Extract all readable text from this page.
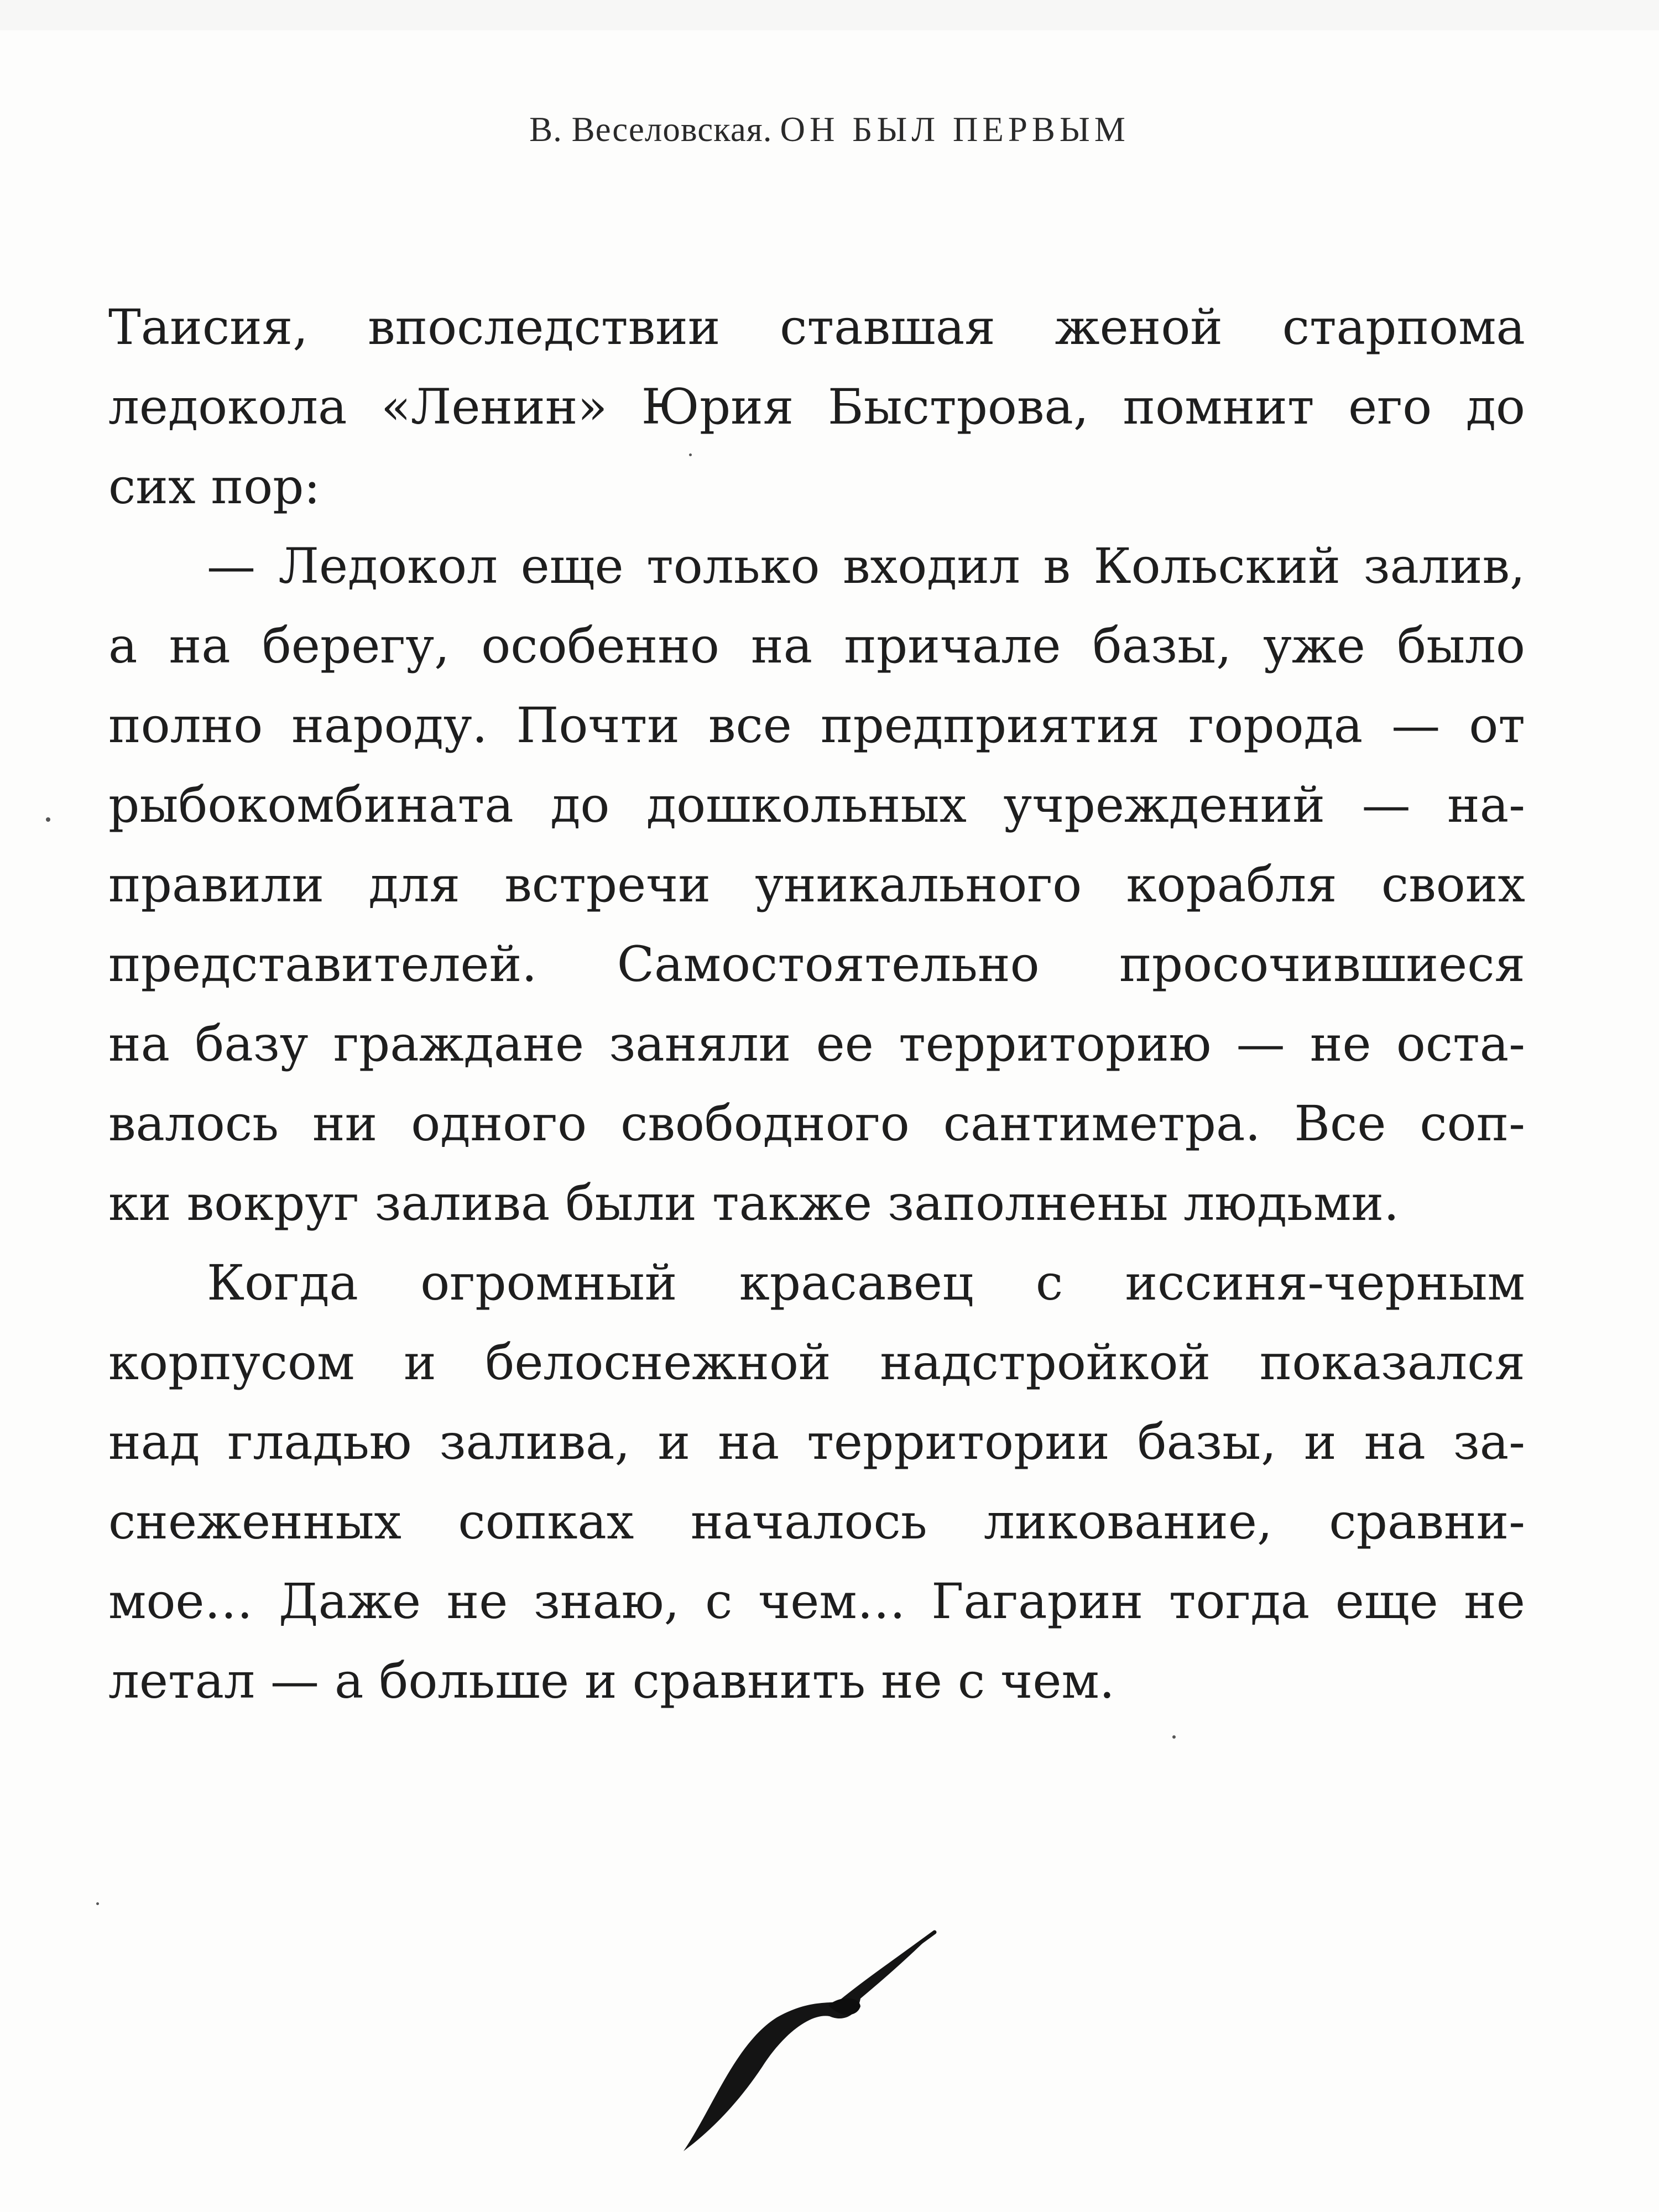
В. Веселовская. ОН БЫЛ ПЕРВЫМ
Таисия, впоследствии ставшая женой старпома
ледокола «Ленин» Юрия Быстрова, помнит его до
сих пор:
— Ледокол еще только входил в Кольский залив,
а на берегу, особенно на причале базы, уже было
полно народу. Почти все предприятия города — от
рыбокомбината до дошкольных учреждений — на-
правили для встречи уникального корабля своих
представителей. Самостоятельно просочившиеся
на базу граждане заняли ее территорию — не оста-
валось ни одного свободного сантиметра. Все соп-
ки вокруг залива были также заполнены людьми.
Когда огромный красавец с иссиня-черным
корпусом и белоснежной надстройкой показался
над гладью залива, и на территории базы, и на за-
снеженных сопках началось ликование, сравни-
мое… Даже не знаю, с чем… Гагарин тогда еще не
летал — а больше и сравнить не с чем.
